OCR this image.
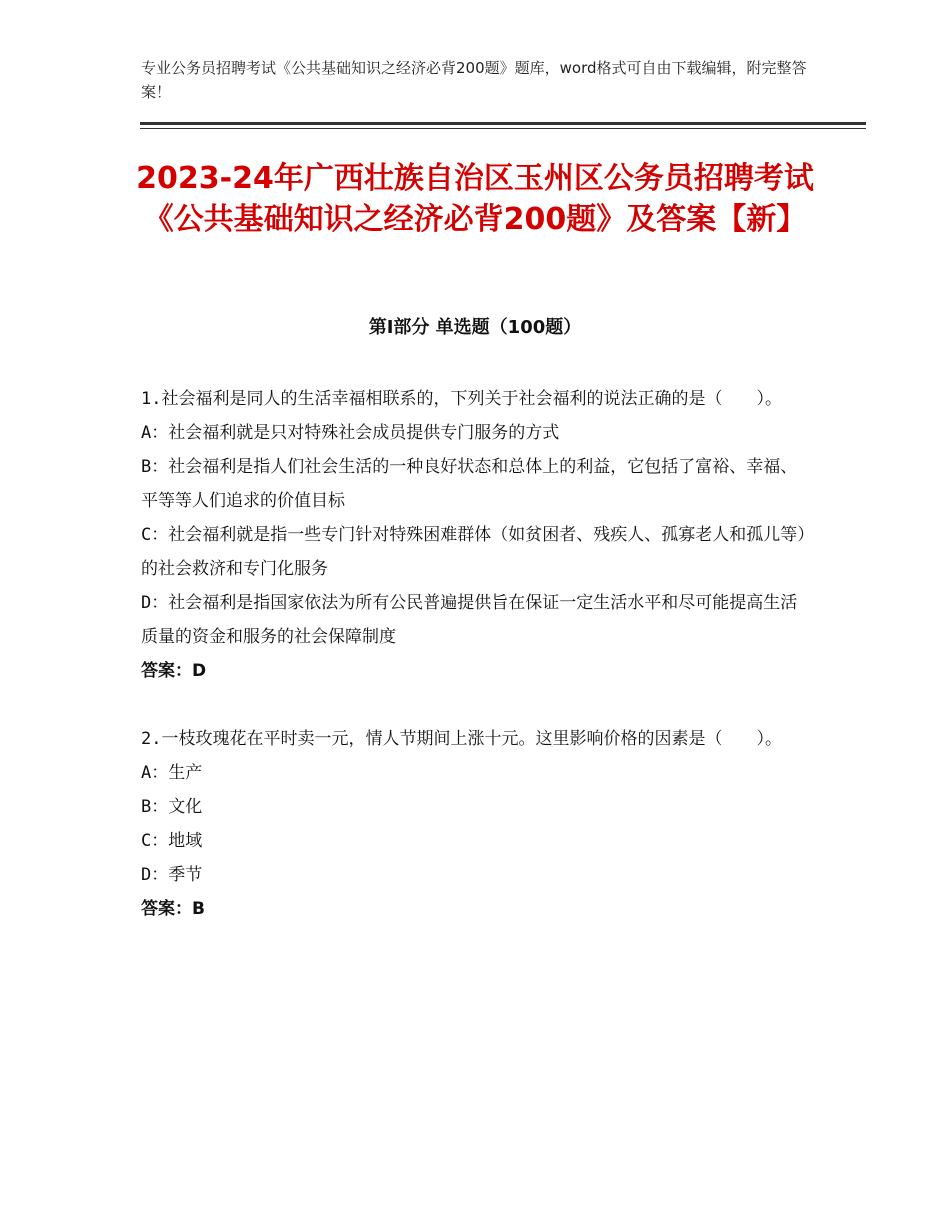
专业公务员招聘考试《公共基础知识之经济必背200题》题库，word格式可自由下载编辑，附完整答案！
2023-24年广西壮族自治区玉州区公务员招聘考试《公共基础知识之经济必背200题》及答案【新】
第Ⅰ部分 单选题（100题）
1.社会福利是同人的生活幸福相联系的，下列关于社会福利的说法正确的是（　　）。
A：社会福利就是只对特殊社会成员提供专门服务的方式
B：社会福利是指人们社会生活的一种良好状态和总体上的利益，它包括了富裕、幸福、平等等人们追求的价值目标
C：社会福利就是指一些专门针对特殊困难群体（如贫困者、残疾人、孤寡老人和孤儿等）的社会救济和专门化服务
D：社会福利是指国家依法为所有公民普遍提供旨在保证一定生活水平和尽可能提高生活质量的资金和服务的社会保障制度
答案：D
2.一枝玫瑰花在平时卖一元，情人节期间上涨十元。这里影响价格的因素是（　　）。
A：生产
B：文化
C：地域
D：季节
答案：B
